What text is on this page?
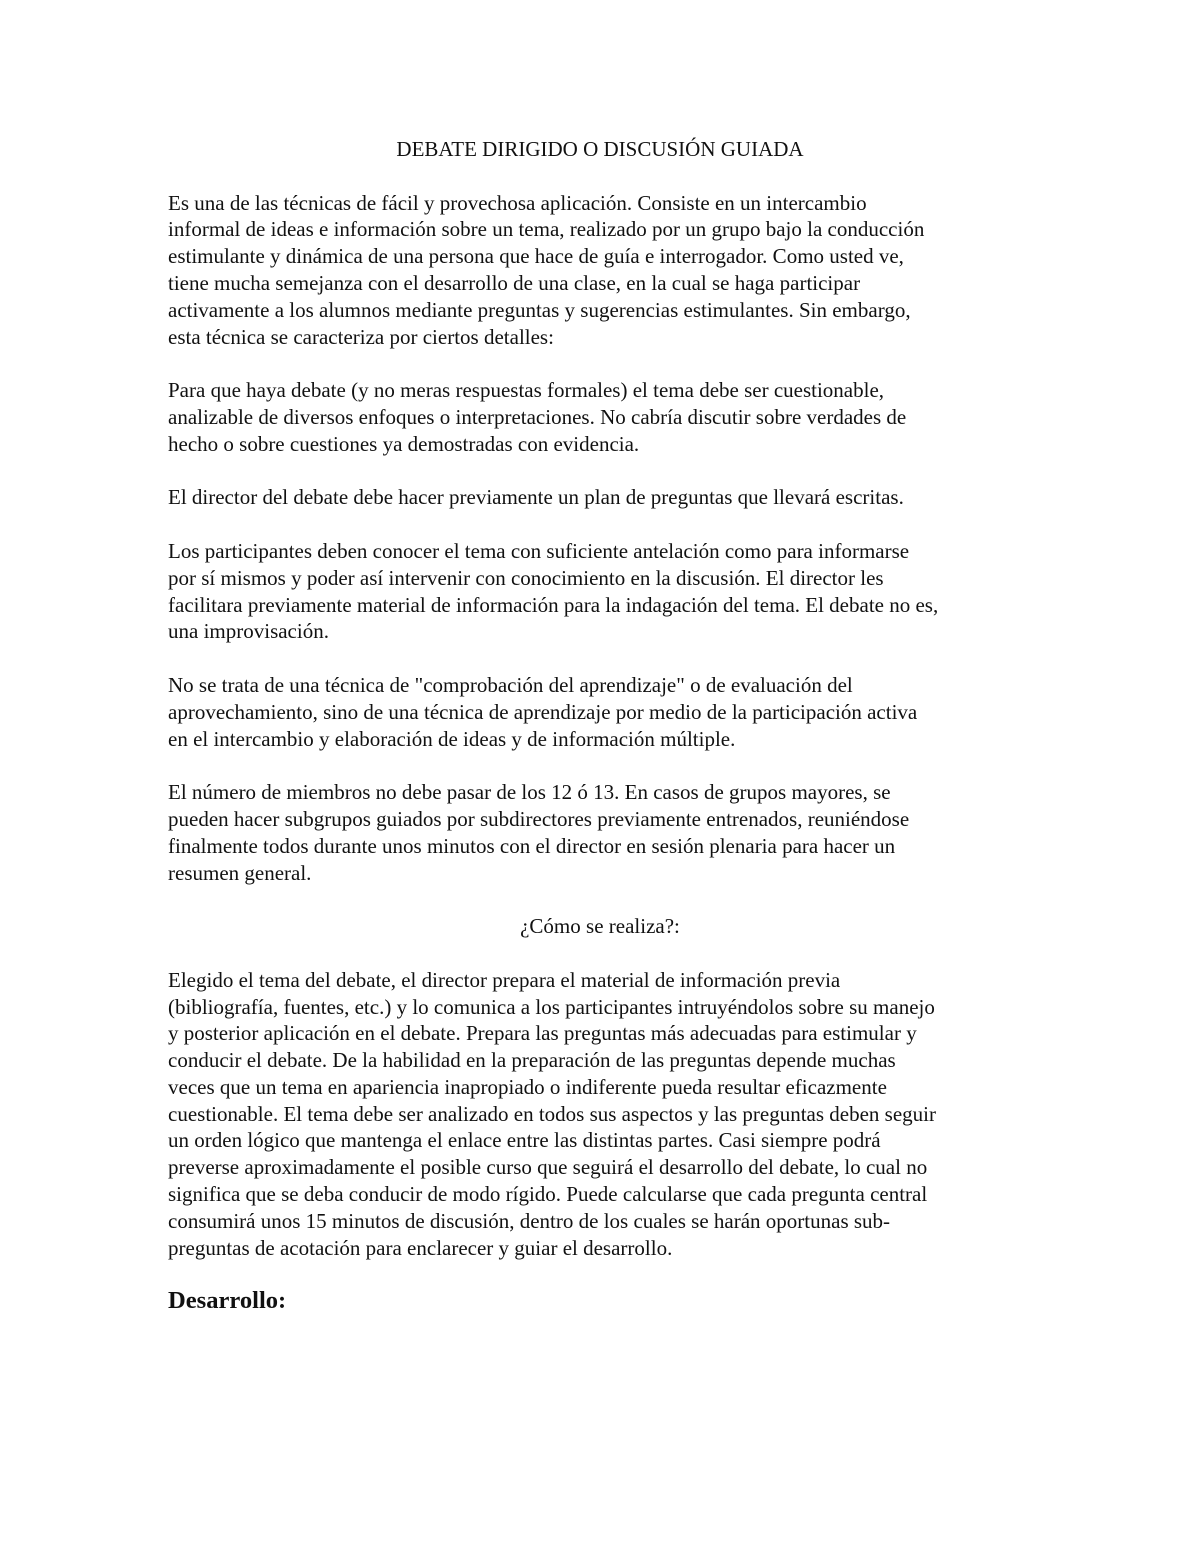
DEBATE DIRIGIDO O DISCUSIÓN GUIADA
Es una de las técnicas de fácil y provechosa aplicación. Consiste en un intercambio
informal de ideas e información sobre un tema, realizado por un grupo bajo la conducción
estimulante y dinámica de una persona que hace de guía e interrogador. Como usted ve,
tiene mucha semejanza con el desarrollo de una clase, en la cual se haga participar
activamente a los alumnos mediante preguntas y sugerencias estimulantes. Sin embargo,
esta técnica se caracteriza por ciertos detalles:
Para que haya debate (y no meras respuestas formales) el tema debe ser cuestionable,
analizable de diversos enfoques o interpretaciones. No cabría discutir sobre verdades de
hecho o sobre cuestiones ya demostradas con evidencia.
El director del debate debe hacer previamente un plan de preguntas que llevará escritas.
Los participantes deben conocer el tema con suficiente antelación como para informarse
por sí mismos y poder así intervenir con conocimiento en la discusión. El director les
facilitara previamente material de información para la indagación del tema. El debate no es,
una improvisación.
No se trata de una técnica de "comprobación del aprendizaje" o de evaluación del
aprovechamiento, sino de una técnica de aprendizaje por medio de la participación activa
en el intercambio y elaboración de ideas y de información múltiple.
El número de miembros no debe pasar de los 12 ó 13. En casos de grupos mayores, se
pueden hacer subgrupos guiados por subdirectores previamente entrenados, reuniéndose
finalmente todos durante unos minutos con el director en sesión plenaria para hacer un
resumen general.
¿Cómo se realiza?:
Elegido el tema del debate, el director prepara el material de información previa
(bibliografía, fuentes, etc.) y lo comunica a los participantes intruyéndolos sobre su manejo
y posterior aplicación en el debate. Prepara las preguntas más adecuadas para estimular y
conducir el debate. De la habilidad en la preparación de las preguntas depende muchas
veces que un tema en apariencia inapropiado o indiferente pueda resultar eficazmente
cuestionable. El tema debe ser analizado en todos sus aspectos y las preguntas deben seguir
un orden lógico que mantenga el enlace entre las distintas partes. Casi siempre podrá
preverse aproximadamente el posible curso que seguirá el desarrollo del debate, lo cual no
significa que se deba conducir de modo rígido. Puede calcularse que cada pregunta central
consumirá unos 15 minutos de discusión, dentro de los cuales se harán oportunas sub-
preguntas de acotación para enclarecer y guiar el desarrollo.
Desarrollo:
